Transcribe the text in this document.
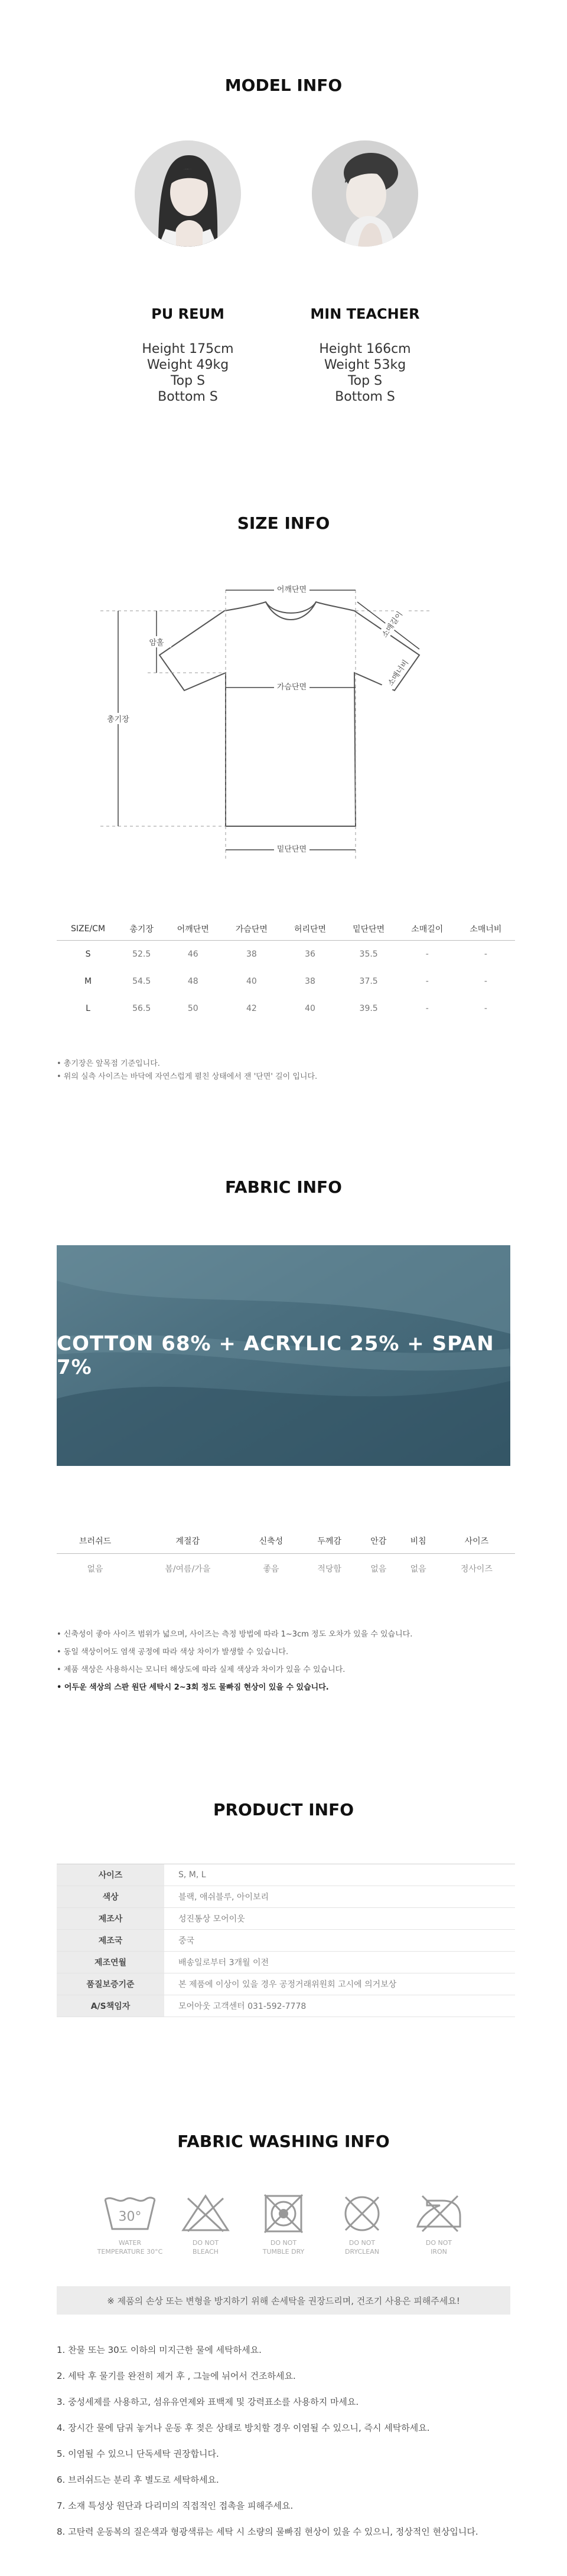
MODEL INFO
PU REUM
Height 175cm
Weight 49kg
Top S
Bottom S
MIN TEACHER
Height 166cm
Weight 53kg
Top S
Bottom S
SIZE INFO
어깨단면
가슴단면
밑단단면
암홀
총기장
소매길이
소매너비
SIZE/CM	총기장	어깨단면	가슴단면	허리단면	밑단단면	소매길이	소매너비
S	52.5	46	38	36	35.5	-	-
M	54.5	48	40	38	37.5	-	-
L	56.5	50	42	40	39.5	-	-
• 총기장은 앞목점 기준입니다.
• 위의 실측 사이즈는 바닥에 자연스럽게 펼친 상태에서 잰 '단면' 길이 입니다.
FABRIC INFO
COTTON 68% + ACRYLIC 25% + SPAN 7%
브러쉬드	계절감	신축성	두께감	안감	비침	사이즈
없음	봄/여름/가을	좋음	적당함	없음	없음	정사이즈
• 신축성이 좋아 사이즈 범위가 넓으며, 사이즈는 측정 방법에 따라 1~3cm 정도 오차가 있을 수 있습니다.
• 동일 색상이어도 염색 공정에 따라 색상 차이가 발생할 수 있습니다.
• 제품 색상은 사용하시는 모니터 해상도에 따라 실제 색상과 차이가 있을 수 있습니다.
• 어두운 색상의 스판 원단 세탁시 2~3회 정도 물빠짐 현상이 있을 수 있습니다.
PRODUCT INFO
사이즈	S, M, L
색상	블랙, 애쉬블루, 아이보리
제조사	성진통상 모어이웃
제조국	중국
제조연월	배송일로부터 3개월 이전
품질보증기준	본 제품에 이상이 있을 경우 공정거래위원회 고시에 의거보상
A/S책임자	모어아웃 고객센터 031-592-7778
FABRIC WASHING INFO
30°
WATER
TEMPERATURE 30°C
DO NOT
BLEACH
DO NOT
TUMBLE DRY
DO NOT
DRYCLEAN
DO NOT
IRON
※ 제품의 손상 또는 변형을 방지하기 위해 손세탁을 권장드리며, 건조기 사용은 피해주세요!
1. 찬물 또는 30도 이하의 미지근한 물에 세탁하세요.
2. 세탁 후 물기를 완전히 제거 후 , 그늘에 뉘어서 건조하세요.
3. 중성세제를 사용하고, 섬유유연제와 표백제 및 강력표소를 사용하지 마세요.
4. 장시간 물에 담궈 놓거나 운동 후 젖은 상태로 방치할 경우 이염될 수 있으니, 즉시 세탁하세요.
5. 이염될 수 있으니 단독세탁 권장합니다.
6. 브러쉬드는 분리 후 별도로 세탁하세요.
7. 소재 특성상 원단과 다리미의 직접적인 접촉을 피해주세요.
8. 고탄력 운동복의 질은색과 형광색류는 세탁 시 소량의 물빠짐 현상이 있을 수 있으니, 정상적인 현상입니다.
